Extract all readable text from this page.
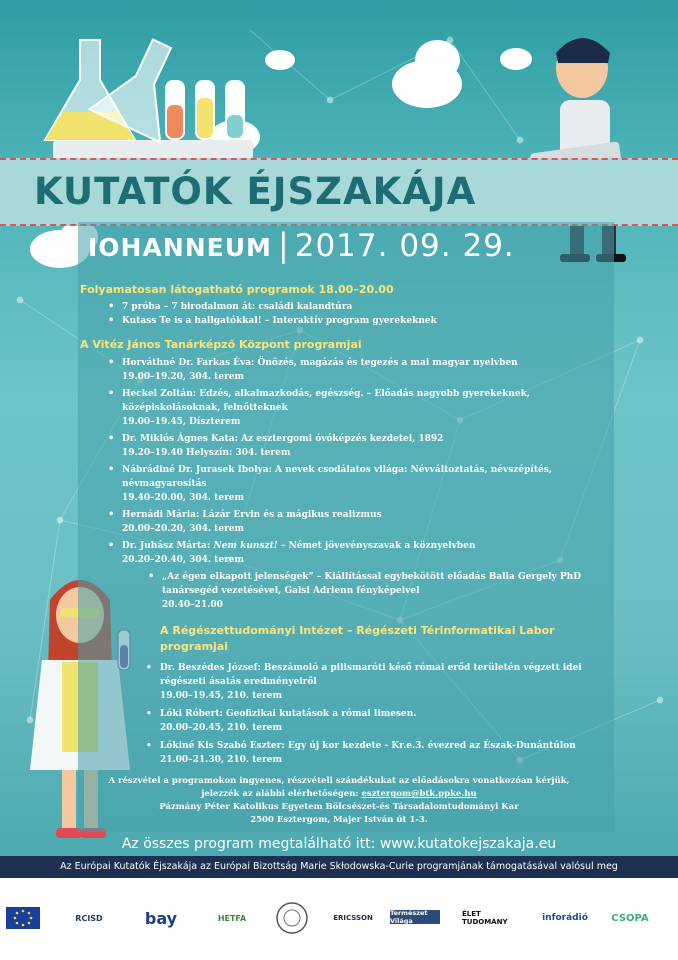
KUTATÓK ÉJSZAKÁJA
IOHANNEUM | 2017. 09. 29.
Folyamatosan látogatható programok 18.00–20.00
• 7 próba – 7 birodalmon át: családi kalandtúra
• Kutass Te is a hallgatókkal! – Interaktív program gyerekeknek
A Vitéz János Tanárképző Központ programjai
• Horváthné Dr. Farkas Éva: Önözés, magázás és tegezés a mai magyar nyelvben
19.00–19.20, 304. terem
• Heckel Zoltán: Edzés, alkalmazkodás, egészség. – Előadás nagyobb gyerekeknek, középiskolásoknak, felnőtteknek
19.00–19.45, Díszterem
• Dr. Miklós Ágnes Kata: Az esztergomi óvóképzés kezdetei, 1892
19.20–19.40 Helyszín: 304. terem
• Nábrádiné Dr. Jurasek Ibolya: A nevek csodálatos világa: Névváltoztatás, névszépítés, névmagyarosítás
19.40–20.00, 304. terem
• Hernádi Mária: Lázár Ervin és a mágikus realizmus
20.00–20.20, 304. terem
• Dr. Juhász Márta: Nem kunszt! – Német jövevényszavak a köznyelvben
20.20–20.40, 304. terem
• „Az égen elkapott jelenségek” – Kiállítással egybekötött előadás Balla Gergely PhD tanársegéd vezetésével, Galsi Adrienn fényképeivel
20.40–21.00
A Régészettudományi Intézet – Régészeti Térinformatikai Labor programjai
• Dr. Beszédes József: Beszámoló a pilismaróti késő római erőd területén végzett idei régészeti ásatás eredményeiről
19.00–19.45, 210. terem
• Lóki Róbert: Geofizikai kutatások a római limesen.
20.00–20.45, 210. terem
• Lókiné Kis Szabó Eszter: Egy új kor kezdete - Kr.e.3. évezred az Észak-Dunántúlon
21.00–21.30, 210. terem
A részvétel a programokon ingyenes, részvételi szándékukat az előadásokra vonatkozóan kérjük,
jelezzék az alábbi elérhetőségen: esztergom@btk.ppke.hu
Pázmány Péter Katolikus Egyetem Bölcsészet-és Társadalomtudományi Kar
2500 Esztergom, Majer István út 1-3.
Az összes program megtalálható itt: www.kutatokejszakaja.eu
Az Európai Kutatók Éjszakája az Európai Bizottság Marie Skłodowska-Curie programjának támogatásával valósul meg
RCISD	bay	HETFA	ERICSSON
Természet Világa
ÉLET TUDOMÁNY	inforádió	CSOPA
